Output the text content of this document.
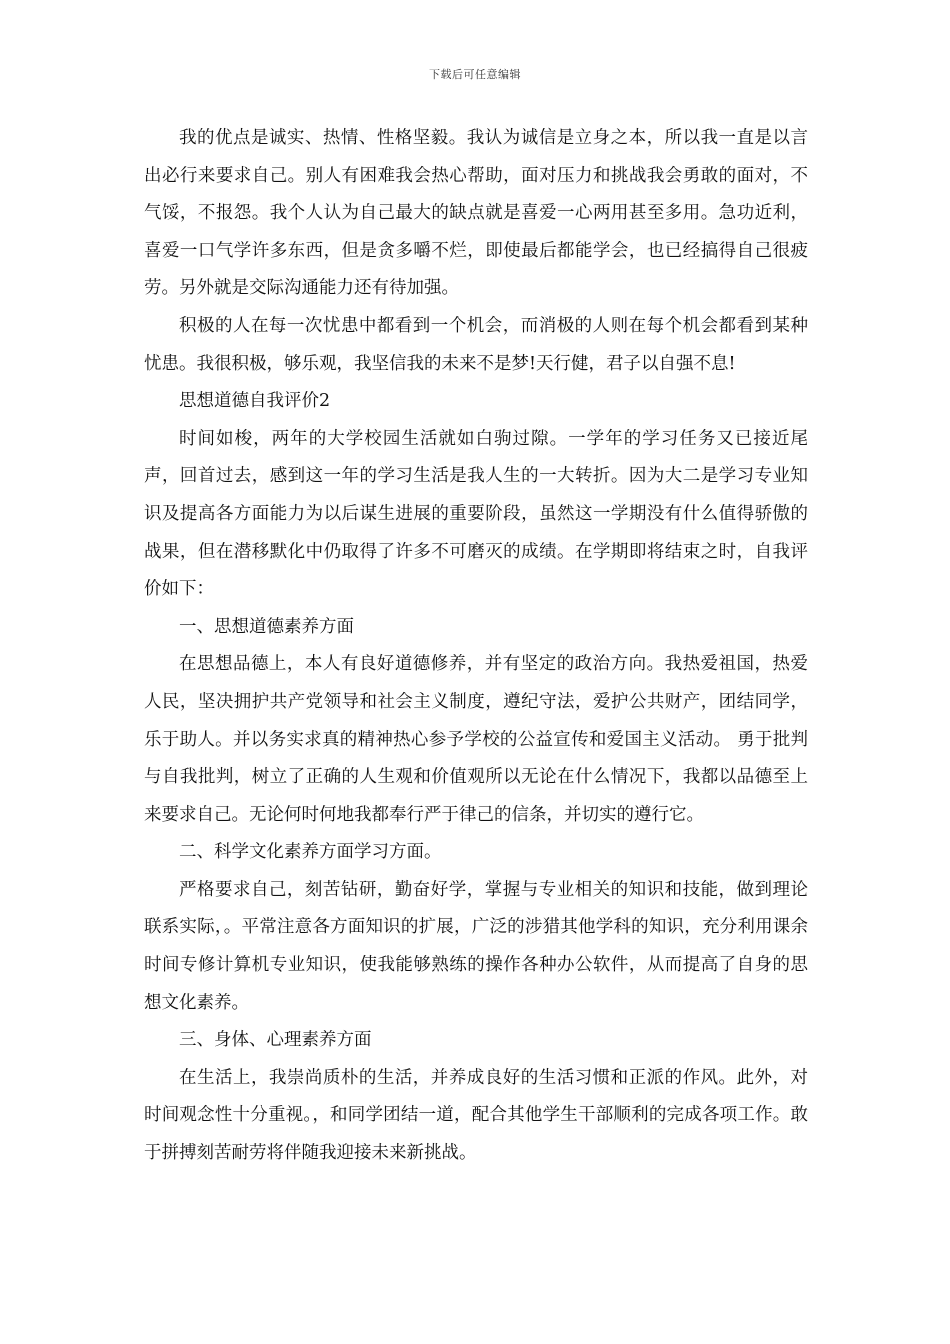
下载后可任意编辑

我的优点是诚实、热情、性格坚毅。我认为诚信是立身之本，所以我一直是以言出必行来要求自己。别人有困难我会热心帮助，面对压力和挑战我会勇敢的面对，不气馁，不报怨。我个人认为自己最大的缺点就是喜爱一心两用甚至多用。急功近利，喜爱一口气学许多东西，但是贪多嚼不烂，即使最后都能学会，也已经搞得自己很疲劳。另外就是交际沟通能力还有待加强。

积极的人在每一次忧患中都看到一个机会，而消极的人则在每个机会都看到某种忧患。我很积极，够乐观，我坚信我的未来不是梦!天行健，君子以自强不息!

思想道德自我评价2

时间如梭，两年的大学校园生活就如白驹过隙。一学年的学习任务又已接近尾声，回首过去，感到这一年的学习生活是我人生的一大转折。因为大二是学习专业知识及提高各方面能力为以后谋生进展的重要阶段，虽然这一学期没有什么值得骄傲的战果，但在潜移默化中仍取得了许多不可磨灭的成绩。在学期即将结束之时，自我评价如下：

一、思想道德素养方面

在思想品德上，本人有良好道德修养，并有坚定的政治方向。我热爱祖国，热爱人民，坚决拥护共产党领导和社会主义制度，遵纪守法，爱护公共财产，团结同学，乐于助人。并以务实求真的精神热心参予学校的公益宣传和爱国主义活动。 勇于批判与自我批判，树立了正确的人生观和价值观所以无论在什么情况下，我都以品德至上来要求自己。无论何时何地我都奉行严于律己的信条，并切实的遵行它。

二、科学文化素养方面学习方面。

严格要求自己，刻苦钻研，勤奋好学，掌握与专业相关的知识和技能，做到理论联系实际，。平常注意各方面知识的扩展，广泛的涉猎其他学科的知识，充分利用课余时间专修计算机专业知识，使我能够熟练的操作各种办公软件，从而提高了自身的思想文化素养。

三、身体、心理素养方面

在生活上，我崇尚质朴的生活，并养成良好的生活习惯和正派的作风。此外，对时间观念性十分重视。，和同学团结一道，配合其他学生干部顺利的完成各项工作。敢于拼搏刻苦耐劳将伴随我迎接未来新挑战。
